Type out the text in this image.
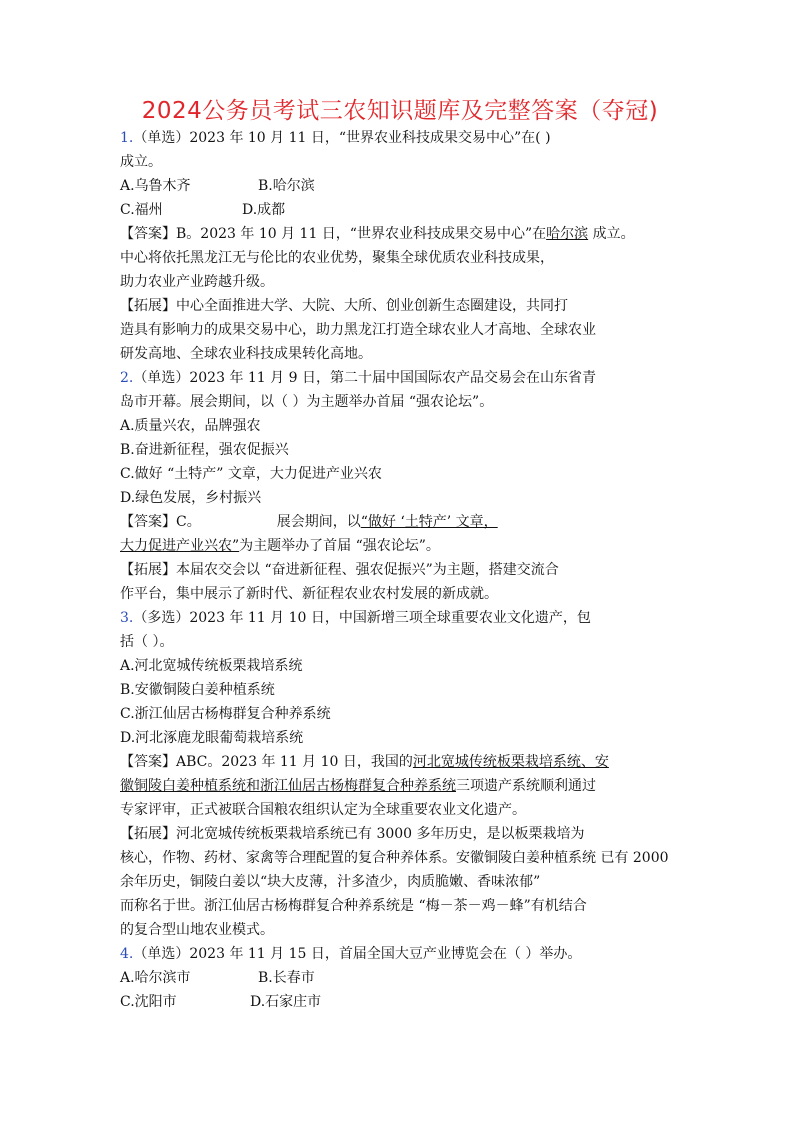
2024公务员考试三农知识题库及完整答案（夺冠)
1.（单选）2023 年 10 月 11 日，“世界农业科技成果交易中心”在( )
成立。
A.乌鲁木齐	B.哈尔滨
C.福州	D.成都
【答案】B。2023 年 10 月 11 日，“世界农业科技成果交易中心”在哈尔滨 成立。
中心将依托黑龙江无与伦比的农业优势，聚集全球优质农业科技成果，
助力农业产业跨越升级。
【拓展】中心全面推进大学、大院、大所、创业创新生态圈建设，共同打
造具有影响力的成果交易中心，助力黑龙江打造全球农业人才高地、全球农业
研发高地、全球农业科技成果转化高地。
2.（单选）2023 年 11 月 9 日，第二十届中国国际农产品交易会在山东省青
岛市开幕。展会期间，以（ ）为主题举办首届 “强农论坛”。
A.质量兴农，品牌强农
B.奋进新征程，强农促振兴
C.做好 “土特产” 文章，大力促进产业兴农
D.绿色发展，乡村振兴
【答案】C。	展会期间，以“做好 ‘土特产’ 文章，
大力促进产业兴农”为主题举办了首届 “强农论坛”。
【拓展】本届农交会以 “奋进新征程、强农促振兴”为主题，搭建交流合
作平台，集中展示了新时代、新征程农业农村发展的新成就。
3.（多选）2023 年 11 月 10 日，中国新增三项全球重要农业文化遗产，包
括（ ）。
A.河北宽城传统板栗栽培系统
B.安徽铜陵白姜种植系统
C.浙江仙居古杨梅群复合种养系统
D.河北涿鹿龙眼葡萄栽培系统
【答案】ABC。2023 年 11 月 10 日，我国的河北宽城传统板栗栽培系统、安
徽铜陵白姜种植系统和浙江仙居古杨梅群复合种养系统三项遗产系统顺利通过
专家评审，正式被联合国粮农组织认定为全球重要农业文化遗产。
【拓展】河北宽城传统板栗栽培系统已有 3000 多年历史，是以板栗栽培为
核心，作物、药材、家禽等合理配置的复合种养体系。安徽铜陵白姜种植系统 已有 2000
余年历史，铜陵白姜以“块大皮薄，汁多渣少，肉质脆嫩、香味浓郁”
而称名于世。浙江仙居古杨梅群复合种养系统是 “梅－茶－鸡－蜂”有机结合
的复合型山地农业模式。
4.（单选）2023 年 11 月 15 日，首届全国大豆产业博览会在（ ）举办。
A.哈尔滨市	B.长春市
C.沈阳市	D.石家庄市
